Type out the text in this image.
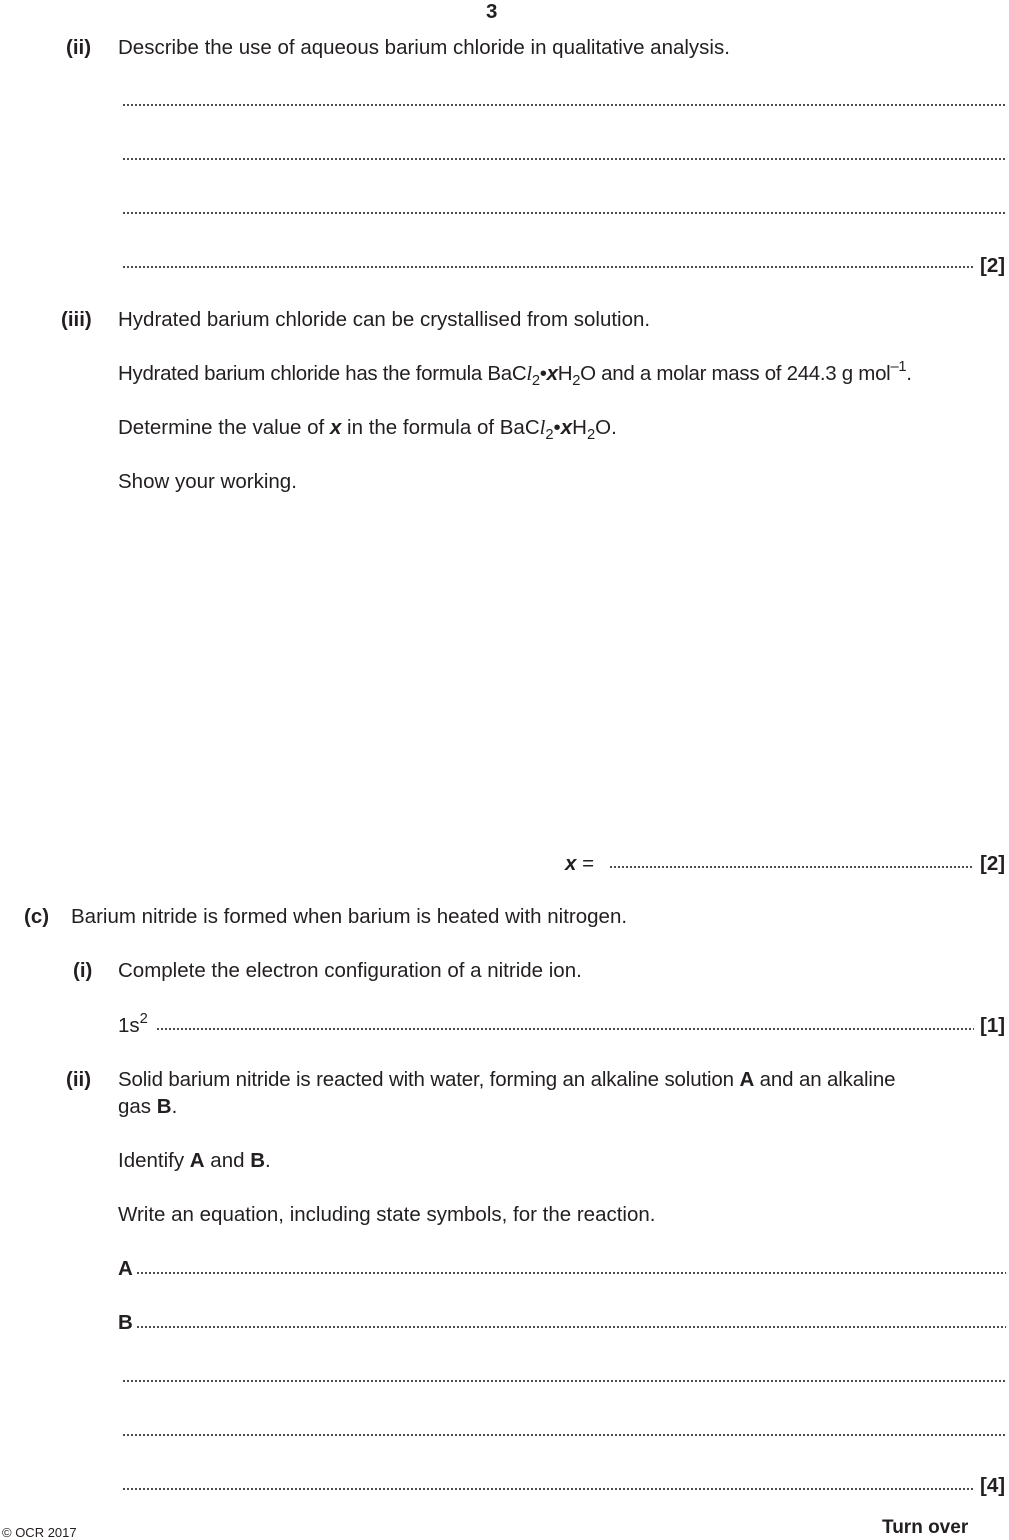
3
(ii) Describe the use of aqueous barium chloride in qualitative analysis.
[2]
(iii) Hydrated barium chloride can be crystallised from solution.
Hydrated barium chloride has the formula $BaCl_2•xH_2O$ and a molar mass of 244.3 g mol$^{-1}$.
Determine the value of x in the formula of $BaCl_2•xH_2O$.
Show your working.
x =	[2]
(c) Barium nitride is formed when barium is heated with nitrogen.
(i) Complete the electron configuration of a nitride ion.
$1s^2$	[1]
(ii) Solid barium nitride is reacted with water, forming an alkaline solution A and an alkaline
gas B.
Identify A and B.
Write an equation, including state symbols, for the reaction.
A
B
[4]
© OCR 2017	Turn over
